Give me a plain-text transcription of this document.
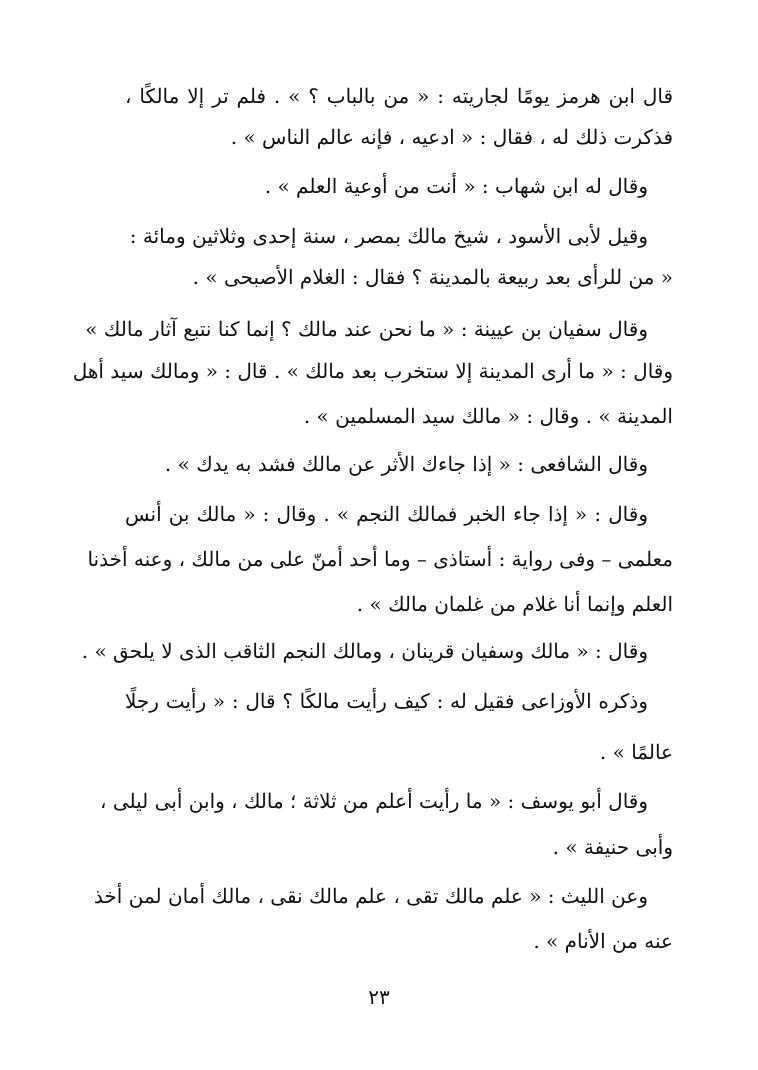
قال ابن هرمز يومًا لجاريته : « من بالباب ؟ » . فلم تر إلا مالكًا ،
فذكرت ذلك له ، فقال : « ادعيه ، فإنه عالم الناس » .
وقال له ابن شهاب : « أنت من أوعية العلم » .
وقيل لأبى الأسود ، شيخ مالك بمصر ، سنة إحدى وثلاثين ومائة :
« من للرأى بعد ربيعة بالمدينة ؟ فقال : الغلام الأصبحى » .
وقال سفيان بن عيينة : « ما نحن عند مالك ؟ إنما كنا نتبع آثار مالك »
وقال : « ما أرى المدينة إلا ستخرب بعد مالك » . قال : « ومالك سيد أهل
المدينة » . وقال : « مالك سيد المسلمين » .
وقال الشافعى : « إذا جاءك الأثر عن مالك فشد به يدك » .
وقال : « إذا جاء الخبر فمالك النجم » . وقال : « مالك بن أنس
معلمى – وفى رواية : أستاذى – وما أحد أمنّ على من مالك ، وعنه أخذنا
العلم وإنما أنا غلام من غلمان مالك » .
وقال : « مالك وسفيان قرينان ، ومالك النجم الثاقب الذى لا يلحق » .
وذكره الأوزاعى فقيل له : كيف رأيت مالكًا ؟ قال : « رأيت رجلًا
عالمًا » .
وقال أبو يوسف : « ما رأيت أعلم من ثلاثة ؛ مالك ، وابن أبى ليلى ،
وأبى حنيفة » .
وعن الليث : « علم مالك تقى ، علم مالك نقى ، مالك أمان لمن أخذ
عنه من الأنام » .
٢٣
